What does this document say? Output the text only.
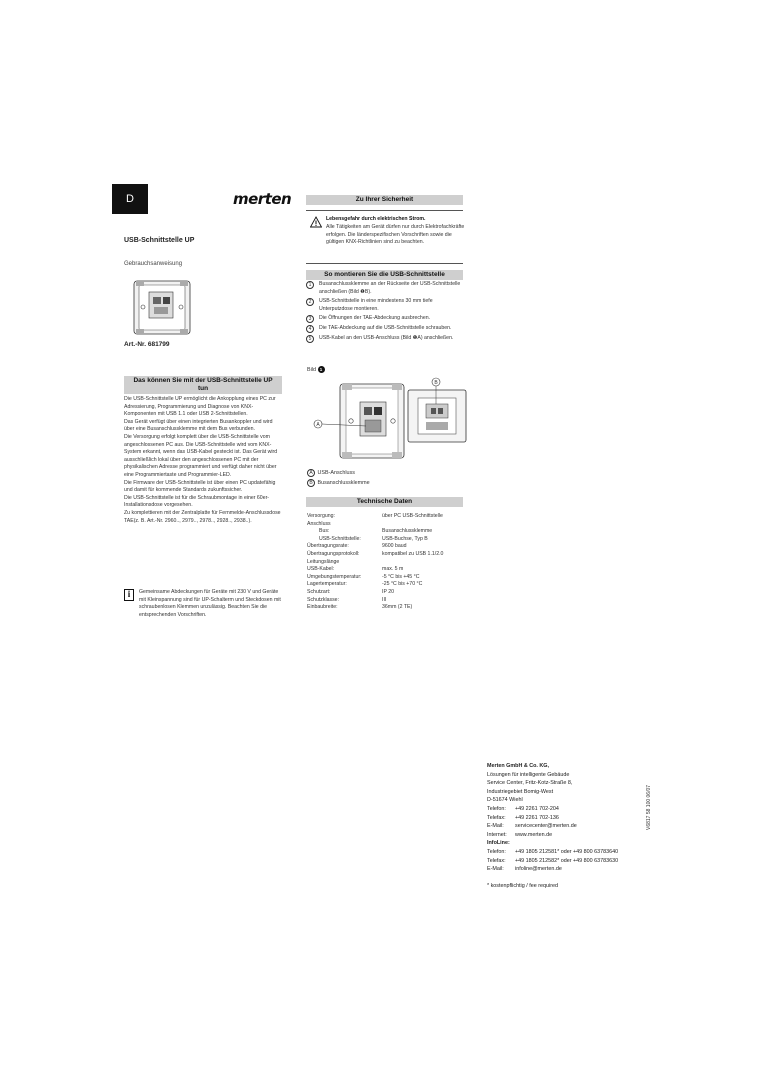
D	merten
USB-Schnittstelle UP
Gebrauchsanweisung
Art.-Nr. 681799
Das können Sie mit der USB-Schnittstelle UP tun

Die USB-Schnittstelle UP ermöglicht die Ankopplung eines PC zur Adressierung, Programmierung und Diagnose von KNX-Komponenten mit USB 1.1 oder USB 2-Schnittstellen.

Das Gerät verfügt über einen integrierten Busankoppler und wird über eine Busanschlussklemme mit dem Bus verbunden.

Die Versorgung erfolgt komplett über die USB-Schnittstelle vom angeschlossenen PC aus. Die USB-Schnittstelle wird vom KNX-System erkannt, wenn das USB-Kabel gesteckt ist. Das Gerät wird ausschließlich lokal über den angeschlossenen PC mit der physikalischen Adresse programmiert und verfügt daher nicht über eine Programmiertaste und Programmier-LED.

Die Firmware der USB-Schnittstelle ist über einen PC updatefähig und damit für kommende Standards zukunftssicher.

Die USB-Schnittstelle ist für die Schraubmontage in einer 60er-Installationsdose vorgesehen.

Zu komplettieren mit der Zentralplatte für Fernmelde-Anschlussdose TAE(z. B. Art.-Nr. 2960.., 2979.., 2978.., 2928.., 2938..).

i	Gemeinsame Abdeckungen für Geräte mit 230 V und Geräte mit Kleinspannung sind für UP-Schalterm und Steckdosen mit schraubenlosen Klemmen unzulässig. Beachten Sie die entsprechenden Vorschriften.
Zu Ihrer Sicherheit
Lebensgefahr durch elektrischen Strom.
Alle Tätigkeiten am Gerät dürfen nur durch Elektrofachkräfte erfolgen. Die länderspezifischen Vorschriften sowie die gültigen KNX-Richtlinien sind zu beachten.
So montieren Sie die USB-Schnittstelle
1	Busanschlussklemme an der Rückseite der USB-Schnittstelle anschließen (Bild ❶B).
2	USB-Schnittstelle in eine mindestens 30 mm tiefe Unterputzdose montieren.
3	Die Öffnungen der TAE-Abdeckung ausbrechen.
4	Die TAE-Abdeckung auf die USB-Schnittstelle schrauben.
5	USB-Kabel an den USB-Anschluss (Bild ❶A) anschließen.
Bild 1
A
B
A USB-Anschluss
B Busanschlussklemme
Technische Daten
Versorgung:	über PC USB-Schnittstelle
Anschluss	
Bus:	Busanschlussklemme
USB-Schnittstelle:	USB-Buchse, Typ B
Übertragungsrate:	9600 baud
Übertragungsprotokoll:	kompatibel zu USB 1.1/2.0
Leitungslänge	
USB-Kabel:	max. 5 m
Umgebungstemperatur:	-5 °C bis +45 °C
Lagertemperatur:	-25 °C bis +70 °C
Schutzart:	IP 20
Schutzklasse:	III
Einbaubreite:	36mm (2 TE)
Merten GmbH & Co. KG,
Lösungen für intelligente Gebäude
Service Center, Fritz-Kotz-Straße 8,
Industriegebiet Bomig-West
D-51674 Wiehl
Telefon:	+49 2261 702-204
Telefax:	+49 2261 702-136
E-Mail:	servicecenter@merten.de
Internet:	www.merten.de
InfoLine:
Telefon:	+49 1805 212581* oder +49 800 63783640
Telefax:	+49 1805 212582* oder +49 800 63783630
E-Mail:	infoline@merten.de
* kostenpflichtig / fee required
V6817 58 100 06/07
